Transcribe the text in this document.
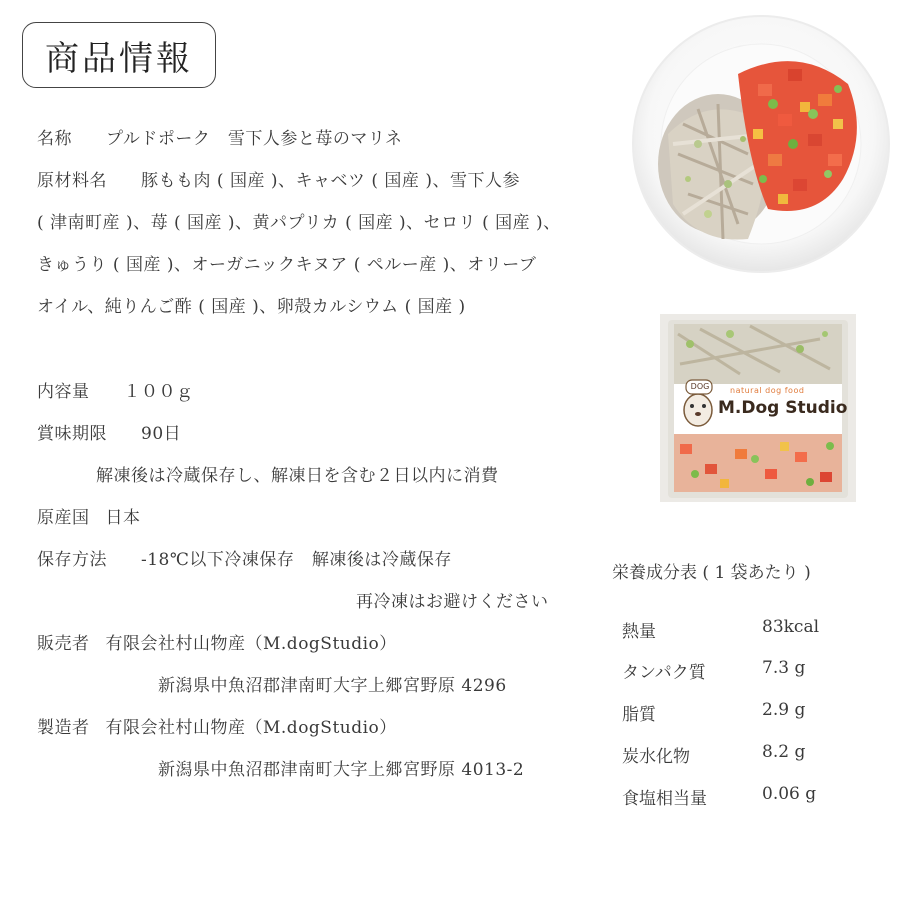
商品情報
名称 プルドポーク　雪下人参と苺のマリネ
原材料名 豚もも肉 ( 国産 )、キャベツ ( 国産 )、雪下人参
( 津南町産 )、苺 ( 国産 )、黄パプリカ ( 国産 )、セロリ ( 国産 )、
きゅうり ( 国産 )、オーガニックキヌア ( ペルー産 )、オリーブ
オイル、純りんご酢 ( 国産 )、卵殻カルシウム ( 国産 )
内容量 １００ｇ
賞味期限 90日
解凍後は冷蔵保存し、解凍日を含む２日以内に消費
原産国 日本
保存方法 -18℃以下冷凍保存　解凍後は冷蔵保存
再冷凍はお避けください
販売者 有限会社村山物産（M.dogStudio）
新潟県中魚沼郡津南町大字上郷宮野原 4296
製造者 有限会社村山物産（M.dogStudio）
新潟県中魚沼郡津南町大字上郷宮野原 4013-2
DOG	natural dog food
M.Dog Studio
栄養成分表 ( 1 袋あたり )
熱量	83kcal
タンパク質	7.3 g
脂質	2.9 g
炭水化物	8.2 g
食塩相当量	0.06 g
